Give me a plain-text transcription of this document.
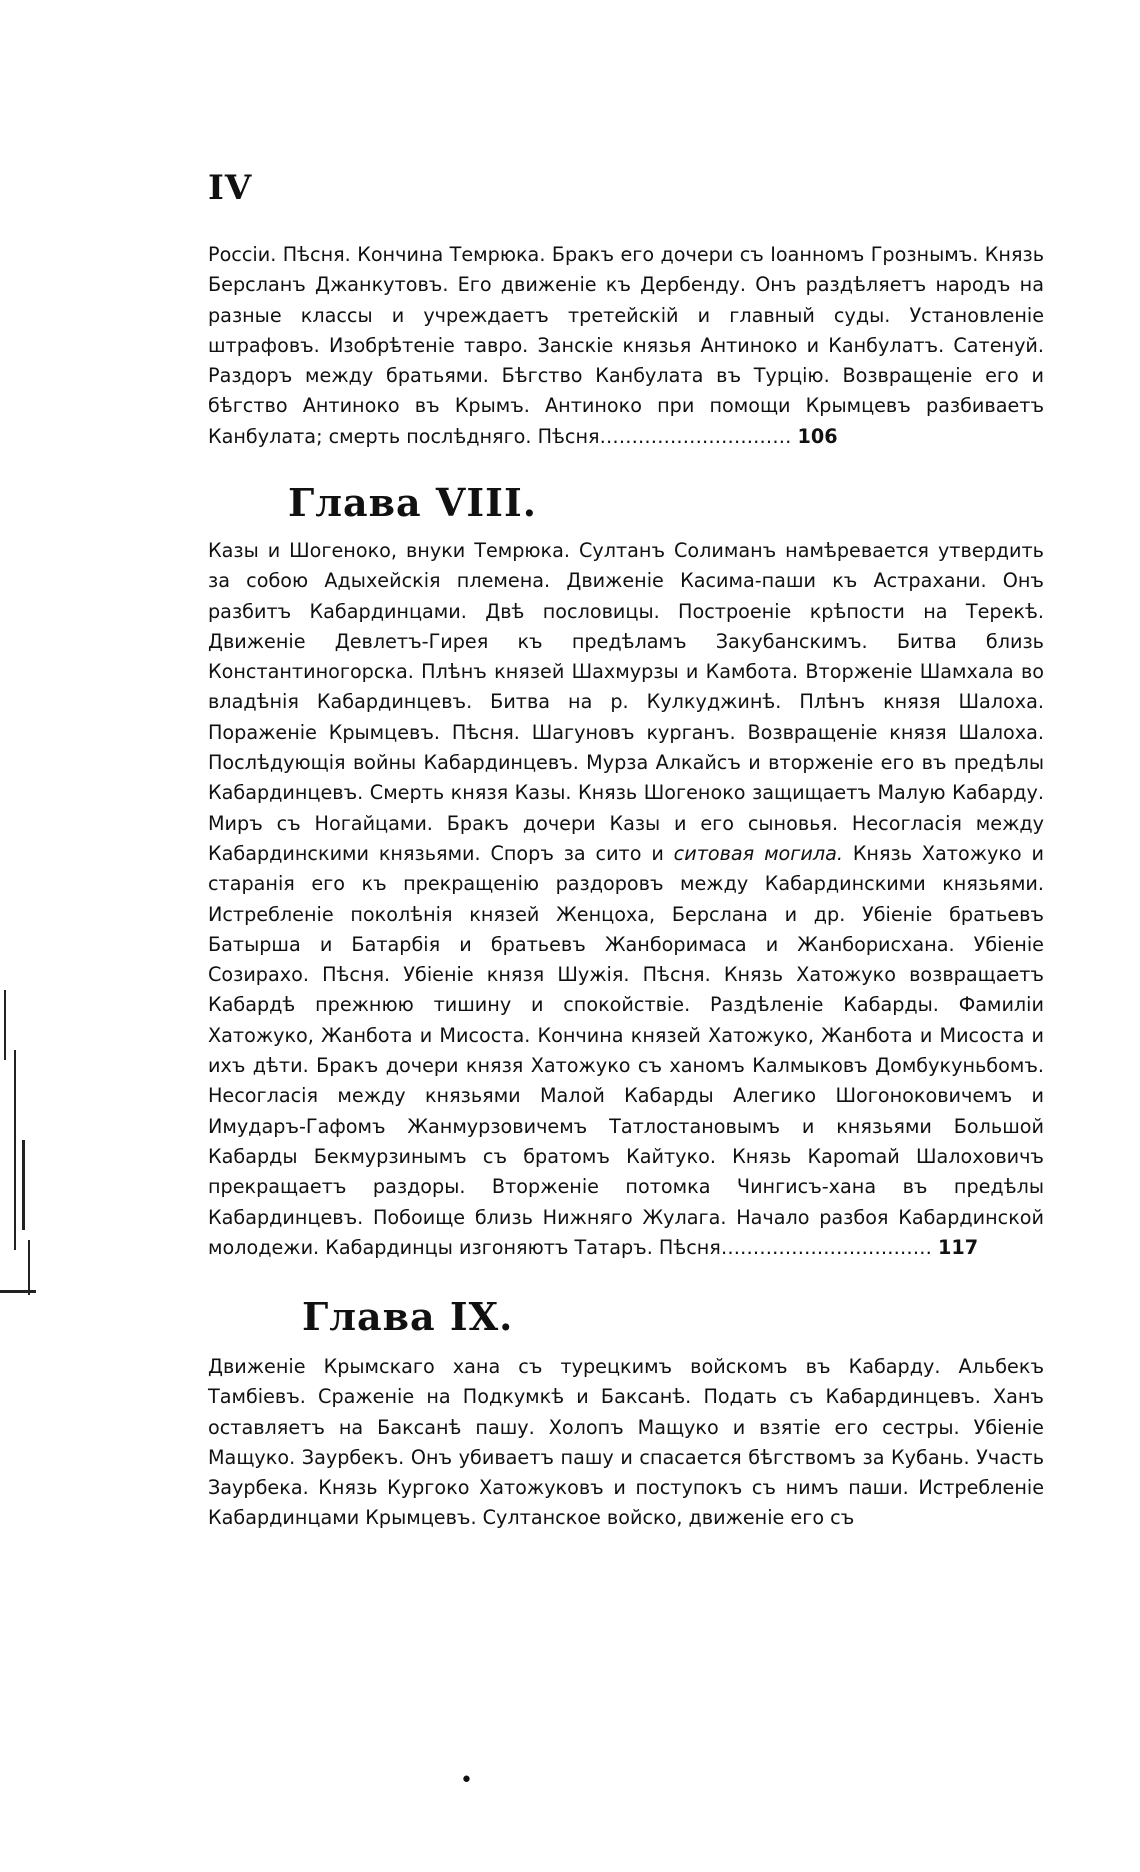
IV
Россіи. Пѣсня. Кончина Темрюка. Бракъ его дочери съ Іоанномъ Грознымъ. Князь Берсланъ Джанкутовъ. Его движеніе къ Дербенду. Онъ раздѣляетъ народъ на разные классы и учреждаетъ третейскій и главный суды. Установленіе штрафовъ. Изобрѣтеніе тавро. Занскіе князья Антиноко и Канбулатъ. Сатенуй. Раздоръ между братьями. Бѣгство Канбулата въ Турцію. Возвращеніе его и бѣгство Антиноко въ Крымъ. Антиноко при помощи Крымцевъ разбиваетъ Канбулата; смерть послѣдняго. Пѣсня………………………… 106
Глава VIII.
Казы и Шогеноко, внуки Темрюка. Султанъ Солиманъ намѣревается утвердить за собою Адыхейскія племена. Движеніе Касима-паши къ Астрахани. Онъ разбитъ Кабардинцами. Двѣ пословицы. Построеніе крѣпости на Терекѣ. Движеніе Девлетъ-Гирея къ предѣламъ Закубанскимъ. Битва близь Константиногорска. Плѣнъ князей Шахмурзы и Камбота. Вторженіе Шамхала во владѣнія Кабардинцевъ. Битва на р. Кулкуджинѣ. Плѣнъ князя Шалоха. Пораженіе Крымцевъ. Пѣсня. Шагуновъ курганъ. Возвращеніе князя Шалоха. Послѣдующія войны Кабардинцевъ. Мурза Алкайсъ и вторженіе его въ предѣлы Кабардинцевъ. Смерть князя Казы. Князь Шогеноко защищаетъ Малую Кабарду. Миръ съ Ногайцами. Бракъ дочери Казы и его сыновья. Несогласія между Кабардинскими князьями. Споръ за сито и ситовая могила. Князь Хатожуко и старанія его къ прекращенію раздоровъ между Кабардинскими князьями. Истребленіе поколѣнія князей Женцоха, Берслана и др. Убіеніе братьевъ Батырша и Батарбія и братьевъ Жанборимаса и Жанборисхана. Убіеніе Созирахо. Пѣсня. Убіеніе князя Шужія. Пѣсня. Князь Хатожуко возвращаетъ Кабардѣ прежнюю тишину и спокойствіе. Раздѣленіе Кабарды. Фамиліи Хатожуко, Жанбота и Мисоста. Кончина князей Хатожуко, Жанбота и Мисоста и ихъ дѣти. Бракъ дочери князя Хатожуко съ ханомъ Калмыковъ Домбукуньбомъ. Несогласія между князьями Малой Кабарды Алегико Шогоноковичемъ и Имударъ-Гафомъ Жанмурзовичемъ Татлостановымъ и князьями Большой Кабарды Бекмурзинымъ съ братомъ Кайтуко. Князь Кароmай Шалоховичъ прекращаетъ раздоры. Вторженіе потомка Чингисъ-хана въ предѣлы Кабардинцевъ. Побоище близь Нижняго Жулага. Начало разбоя Кабардинской молодежи. Кабардинцы изгоняютъ Татаръ. Пѣсня…………………………… 117
Глава IX.
Движеніе Крымскаго хана съ турецкимъ войскомъ въ Кабарду. Альбекъ Тамбіевъ. Сраженіе на Подкумкѣ и Баксанѣ. Подать съ Кабардинцевъ. Ханъ оставляетъ на Баксанѣ пашу. Холопъ Мащуко и взятіе его сестры. Убіеніе Мащуко. Заурбекъ. Онъ убиваетъ пашу и спасается бѣгствомъ за Кубань. Участь Заурбека. Князь Кургоко Хатожуковъ и поступокъ съ нимъ паши. Истребленіе Кабардинцами Крымцевъ. Султанское войско, движеніе его съ
•
